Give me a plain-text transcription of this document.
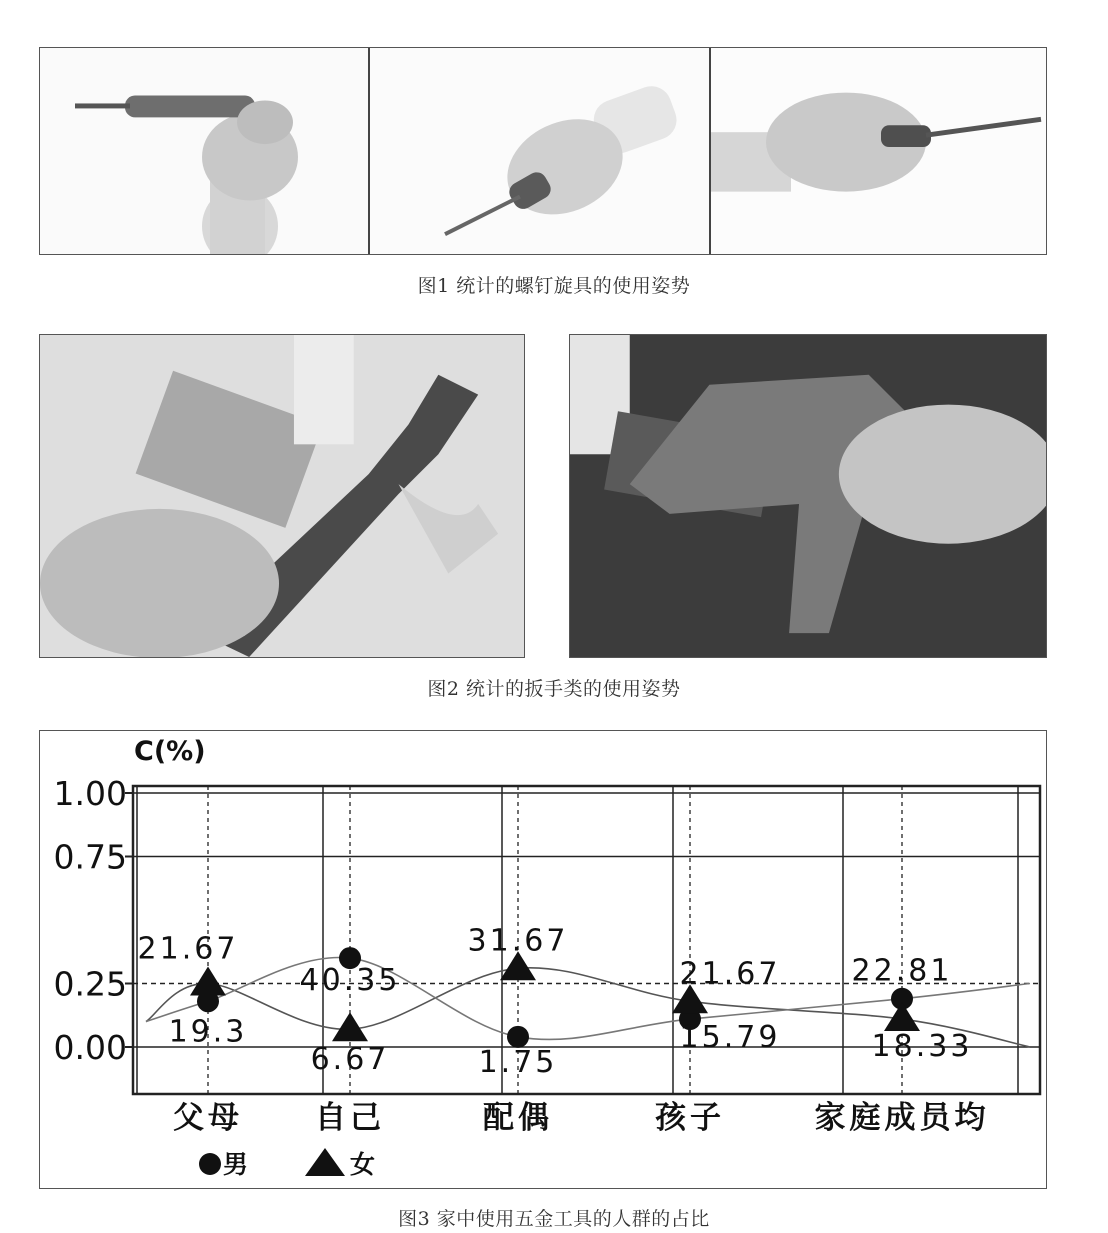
图1 统计的螺钉旋具的使用姿势
图2 统计的扳手类的使用姿势
1.00
0.75
0.25
0.00
C(%)
19.3
40.35
1.75
15.79
22.81
21.67
6.67
31.67
21.67
18.33
父母 自己	配偶	孩子	家庭成员均
男	女
图3 家中使用五金工具的人群的占比
